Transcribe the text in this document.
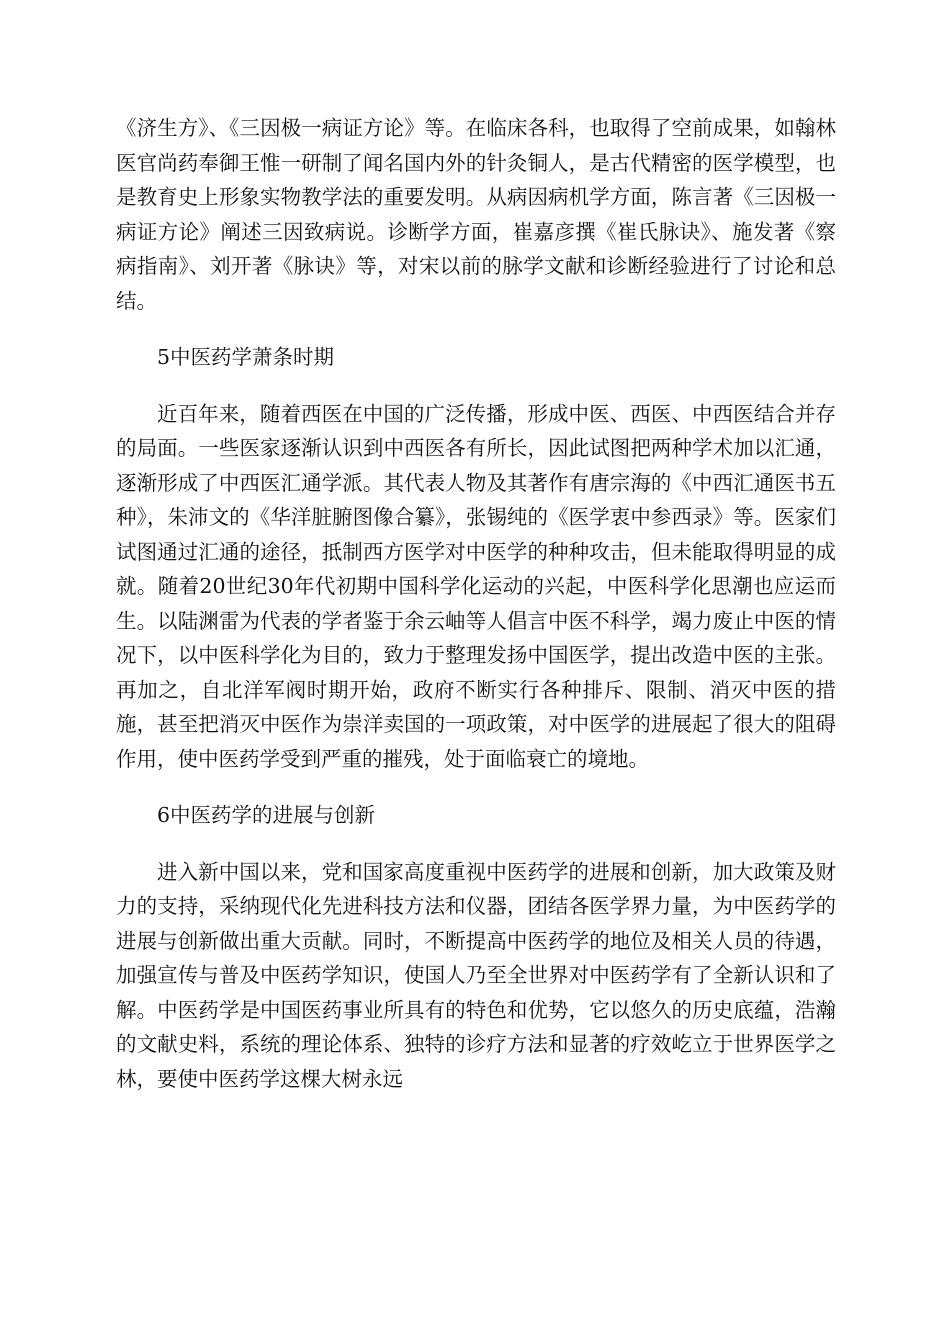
《济生方》、《三因极一病证方论》等。在临床各科，也取得了空前成果，如翰林医官尚药奉御王惟一研制了闻名国内外的针灸铜人，是古代精密的医学模型，也是教育史上形象实物教学法的重要发明。从病因病机学方面，陈言著《三因极一病证方论》阐述三因致病说。诊断学方面，崔嘉彦撰《崔氏脉诀》、施发著《察病指南》、刘开著《脉诀》等，对宋以前的脉学文献和诊断经验进行了讨论和总结。

5中医药学萧条时期

近百年来，随着西医在中国的广泛传播，形成中医、西医、中西医结合并存的局面。一些医家逐渐认识到中西医各有所长，因此试图把两种学术加以汇通，逐渐形成了中西医汇通学派。其代表人物及其著作有唐宗海的《中西汇通医书五种》，朱沛文的《华洋脏腑图像合纂》，张锡纯的《医学衷中参西录》等。医家们试图通过汇通的途径，抵制西方医学对中医学的种种攻击，但未能取得明显的成就。随着20世纪30年代初期中国科学化运动的兴起，中医科学化思潮也应运而生。以陆渊雷为代表的学者鉴于余云岫等人倡言中医不科学，竭力废止中医的情况下，以中医科学化为目的，致力于整理发扬中国医学，提出改造中医的主张。再加之，自北洋军阀时期开始，政府不断实行各种排斥、限制、消灭中医的措施，甚至把消灭中医作为崇洋卖国的一项政策，对中医学的进展起了很大的阻碍作用，使中医药学受到严重的摧残，处于面临衰亡的境地。

6中医药学的进展与创新

进入新中国以来，党和国家高度重视中医药学的进展和创新，加大政策及财力的支持，采纳现代化先进科技方法和仪器，团结各医学界力量，为中医药学的进展与创新做出重大贡献。同时，不断提高中医药学的地位及相关人员的待遇，加强宣传与普及中医药学知识，使国人乃至全世界对中医药学有了全新认识和了解。中医药学是中国医药事业所具有的特色和优势，它以悠久的历史底蕴，浩瀚的文献史料，系统的理论体系、独特的诊疗方法和显著的疗效屹立于世界医学之林，要使中医药学这棵大树永远
